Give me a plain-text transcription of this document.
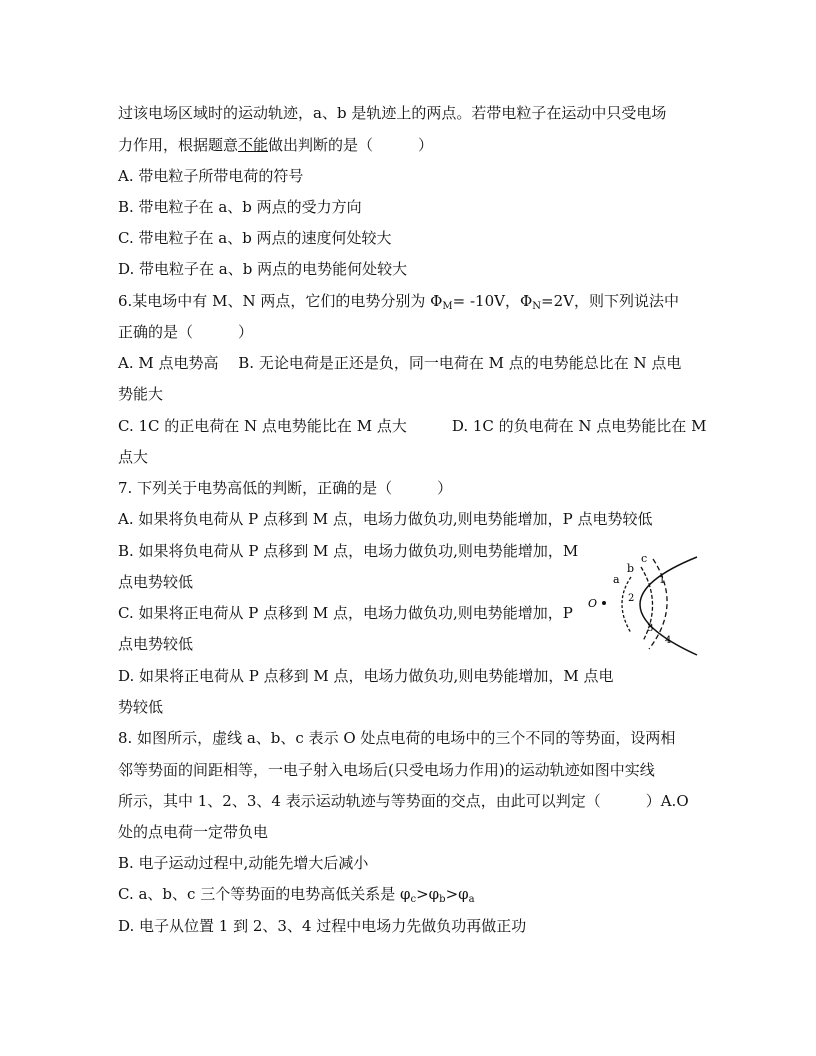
过该电场区域时的运动轨迹，a、b 是轨迹上的两点。若带电粒子在运动中只受电场
力作用，根据题意不能做出判断的是（　　　）
A. 带电粒子所带电荷的符号
B. 带电粒子在 a、b 两点的受力方向
C. 带电粒子在 a、b 两点的速度何处较大
D. 带电粒子在 a、b 两点的电势能何处较大
6.某电场中有 M、N 两点，它们的电势分别为 $\Phi_M= -10V$，$\Phi_N=2V$，则下列说法中
正确的是（　　　）
A. M 点电势高　 B. 无论电荷是正还是负，同一电荷在 M 点的电势能总比在 N 点电
势能大
C. 1C 的正电荷在 N 点电势能比在 M 点大　　　D. 1C 的负电荷在 N 点电势能比在 M
点大
7. 下列关于电势高低的判断，正确的是（　　　）
A. 如果将负电荷从 P 点移到 M 点，电场力做负功,则电势能增加，P 点电势较低
B. 如果将负电荷从 P 点移到 M 点，电场力做负功,则电势能增加，M
点电势较低
C. 如果将正电荷从 P 点移到 M 点，电场力做负功,则电势能增加，P
点电势较低
D. 如果将正电荷从 P 点移到 M 点，电场力做负功,则电势能增加，M 点电
势较低
8. 如图所示，虚线 a、b、c 表示 O 处点电荷的电场中的三个不同的等势面，设两相
邻等势面的间距相等，一电子射入电场后(只受电场力作用)的运动轨迹如图中实线
所示，其中 1、2、3、4 表示运动轨迹与等势面的交点，由此可以判定（　　　）A.O
处的点电荷一定带负电
B. 电子运动过程中,动能先增大后减小
C. a、b、c 三个等势面的电势高低关系是 $\varphi_c>\varphi_b>\varphi_a$
D. 电子从位置 1 到 2、3、4 过程中电场力先做负功再做正功
O
a
b
c
1
2
3
4
